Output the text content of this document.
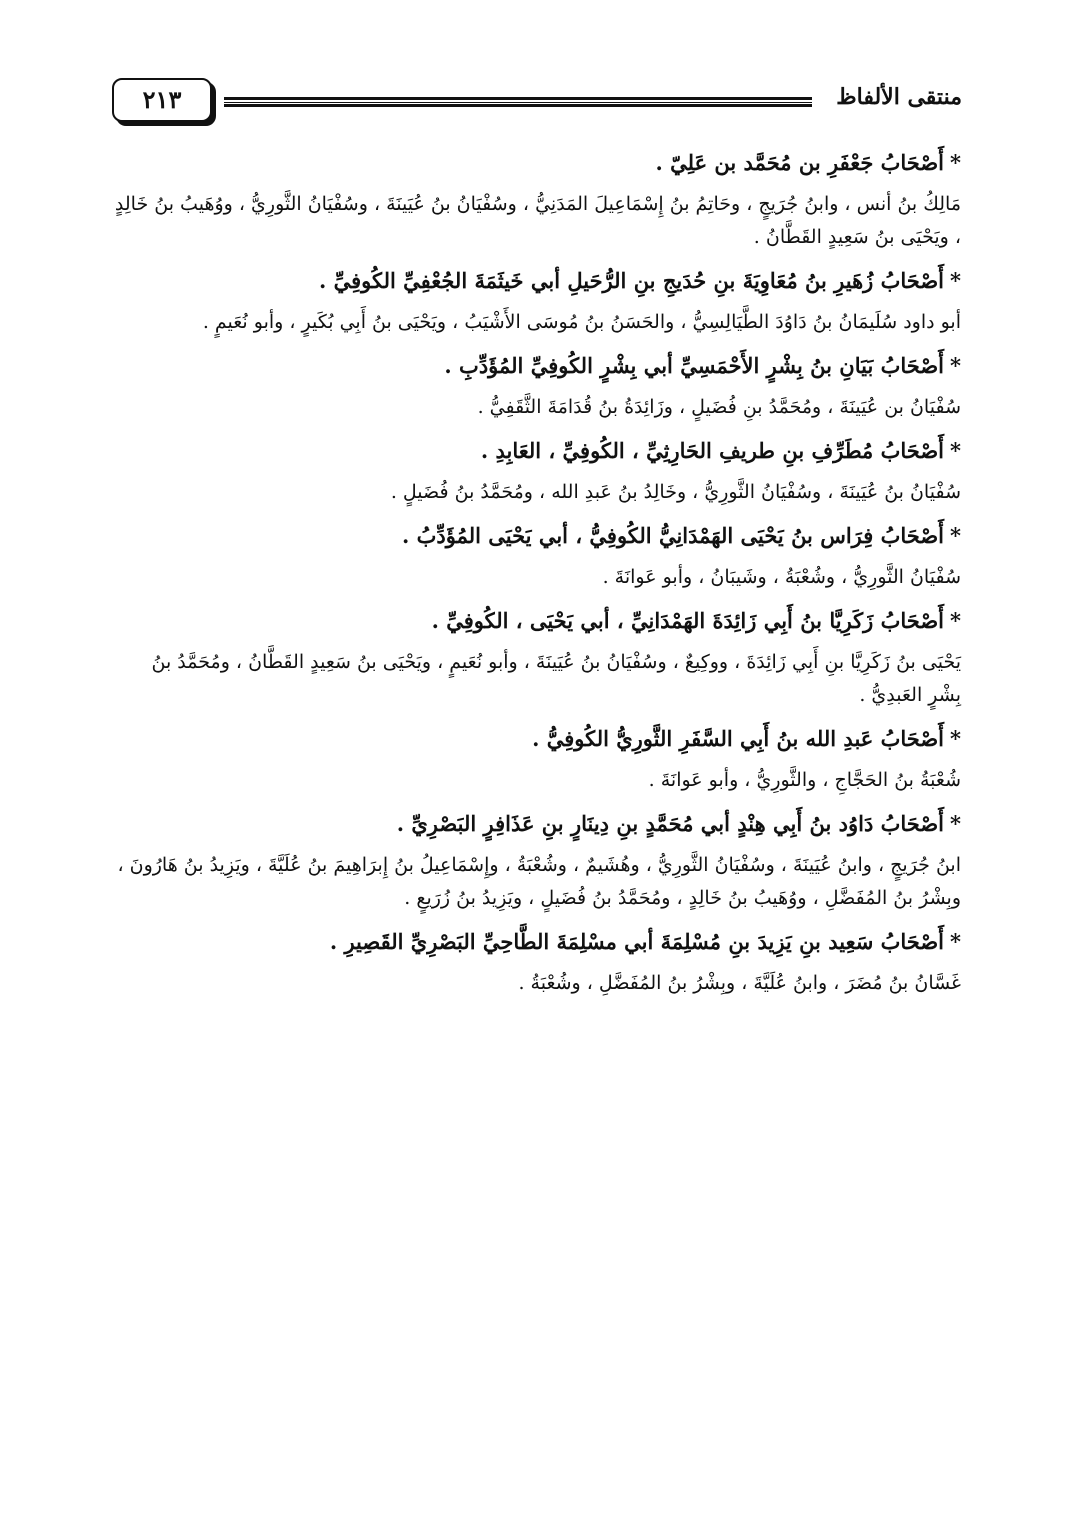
منتقى الألفاظ
٢١٣
*أَصْحَابُ جَعْفَرِ بن مُحَمَّد بن عَلِيّ .
مَالِكُ بنُ أنس ، وابنُ جُرَيجٍ ، وحَاتِمُ بنُ إِسْمَاعِيلَ المَدَنِيُّ ، وسُفْيَانُ بنُ عُيَينَةَ ، وسُفْيَانُ الثَّورِيُّ ، ووُهَيبُ بنُ خَالِدٍ ، ويَحْيَى بنُ سَعِيدٍ القَطَّانُ .
*أَصْحَابُ زُهَيرِ بنُ مُعَاوِيَةَ بنِ حُدَيجِ بنِ الرُّحَيلِ أبي خَيثَمَةَ الجُعْفِيِّ الكُوفِيِّ .
أبو داود سُلَيمَانُ بنُ دَاوُدَ الطَّيَالِسِيُّ ، والحَسَنُ بنُ مُوسَى الأَشْيَبُ ، ويَحْيَى بنُ أَبِي بُكَيرٍ ، وأبو نُعَيمٍ .
*أَصْحَابُ بَيَانِ بنُ بِشْرٍ الأَحْمَسِيِّ أبي بِشْرٍ الكُوفِيِّ المُؤَدِّبِ .
سُفْيَانُ بن عُيَينَةَ ، ومُحَمَّدُ بنِ فُضَيلٍ ، وزَائِدَةُ بنُ قُدَامَةَ الثَّقَفِيُّ .
*أَصْحَابُ مُطَرِّفِ بنِ طريفِ الحَارِثِيِّ ، الكُوفِيِّ ، العَابِدِ .
سُفْيَانُ بنُ عُيَينَةَ ، وسُفْيَانُ الثَّورِيُّ ، وخَالِدُ بنُ عَبدِ الله ، ومُحَمَّدُ بنُ فُضَيلٍ .
*أَصْحَابُ فِرَاس بنُ يَحْيَى الهَمْدَانِيُّ الكُوفِيُّ ، أبي يَحْيَى المُؤَدِّبُ .
سُفْيَانُ الثَّورِيُّ ، وشُعْبَةُ ، وشَيبَانُ ، وأبو عَوانَةَ .
*أَصْحَابُ زَكَرِيَّا بنُ أَبِي زَائِدَةَ الهَمْدَانِيِّ ، أبي يَحْيَى ، الكُوفِيِّ .
يَحْيَى بنُ زَكَرِيَّا بنِ أَبِي زَائِدَةَ ، ووكِيعٌ ، وسُفْيَانُ بنُ عُيَينَةَ ، وأبو نُعَيمٍ ، ويَحْيَى بنُ سَعِيدٍ القَطَّانُ ، ومُحَمَّدُ بنُ بِشْرٍ العَبدِيُّ .
*أَصْحَابُ عَبدِ الله بنُ أَبِي السَّفَرِ الثَّورِيُّ الكُوفِيُّ .
شُعْبَةُ بنُ الحَجَّاجِ ، والثَّورِيُّ ، وأبو عَوانَةَ .
*أَصْحَابُ دَاوُد بنُ أَبِي هِنْدٍ أبي مُحَمَّدٍ بنِ دِينَارٍ بنِ عَذَافِرٍ البَصْرِيِّ .
ابنُ جُرَيجٍ ، وابنُ عُيَينَةَ ، وسُفْيَانُ الثَّورِيُّ ، وهُشَيمٌ ، وشُعْبَةُ ، وإِسْمَاعِيلُ بنُ إِبرَاهِيمَ بنُ عُلَيَّةَ ، ويَزِيدُ بنُ هَارُونَ ، وبِشْرُ بنُ المُفَضَّلِ ، ووُهَيبُ بنُ خَالِدٍ ، ومُحَمَّدُ بنُ فُضَيلٍ ، ويَزِيدُ بنُ زُرَيعٍ .
*أَصْحَابُ سَعِيد بنِ يَزِيدَ بنِ مُسْلِمَةَ أبي مسْلِمَةَ الطَّاحِيِّ البَصْرِيِّ القَصِيرِ .
غَسَّانُ بنُ مُضَرَ ، وابنُ عُلَيَّةَ ، وبِشْرُ بنُ المُفَضَّلِ ، وشُعْبَةُ .
